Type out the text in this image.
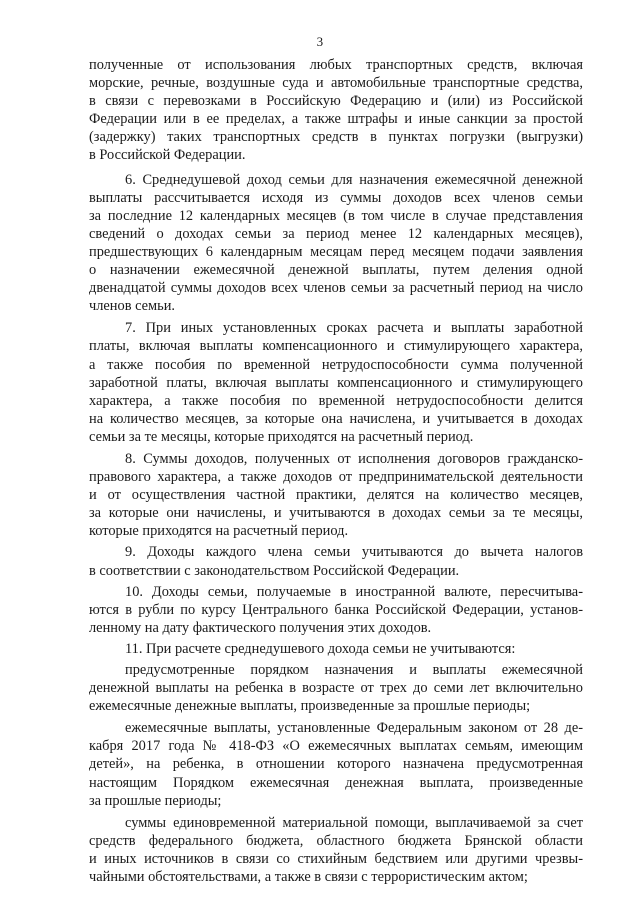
3
полученные от использования любых транспортных средств, включая
морские, речные, воздушные суда и автомобильные транспортные средства,
в связи с перевозками в Российскую Федерацию и (или) из Российской
Федерации или в ее пределах, а также штрафы и иные санкции за простой
(задержку) таких транспортных средств в пунктах погрузки (выгрузки)
в Российской Федерации.
6. Среднедушевой доход семьи для назначения ежемесячной денежной
выплаты рассчитывается исходя из суммы доходов всех членов семьи
за последние 12 календарных месяцев (в том числе в случае представления
сведений о доходах семьи за период менее 12 календарных месяцев),
предшествующих 6 календарным месяцам перед месяцем подачи заявления
о назначении ежемесячной денежной выплаты, путем деления одной
двенадцатой суммы доходов всех членов семьи за расчетный период на число
членов семьи.
7. При иных установленных сроках расчета и выплаты заработной
платы, включая выплаты компенсационного и стимулирующего характера,
а также пособия по временной нетрудоспособности сумма полученной
заработной платы, включая выплаты компенсационного и стимулирующего
характера, а также пособия по временной нетрудоспособности делится
на количество месяцев, за которые она начислена, и учитывается в доходах
семьи за те месяцы, которые приходятся на расчетный период.
8. Суммы доходов, полученных от исполнения договоров гражданско-
правового характера, а также доходов от предпринимательской деятельности
и от осуществления частной практики, делятся на количество месяцев,
за которые они начислены, и учитываются в доходах семьи за те месяцы,
которые приходятся на расчетный период.
9. Доходы каждого члена семьи учитываются до вычета налогов
в соответствии с законодательством Российской Федерации.
10. Доходы семьи, получаемые в иностранной валюте, пересчитыва-
ются в рубли по курсу Центрального банка Российской Федерации, установ-
ленному на дату фактического получения этих доходов.
11. При расчете среднедушевого дохода семьи не учитываются:
предусмотренные порядком назначения и выплаты ежемесячной
денежной выплаты на ребенка в возрасте от трех до семи лет включительно
ежемесячные денежные выплаты, произведенные за прошлые периоды;
ежемесячные выплаты, установленные Федеральным законом от 28 де-
кабря 2017 года № 418-ФЗ «О ежемесячных выплатах семьям, имеющим
детей», на ребенка, в отношении которого назначена предусмотренная
настоящим Порядком ежемесячная денежная выплата, произведенные
за прошлые периоды;
суммы единовременной материальной помощи, выплачиваемой за счет
средств федерального бюджета, областного бюджета Брянской области
и иных источников в связи со стихийным бедствием или другими чрезвы-
чайными обстоятельствами, а также в связи с террористическим актом;
